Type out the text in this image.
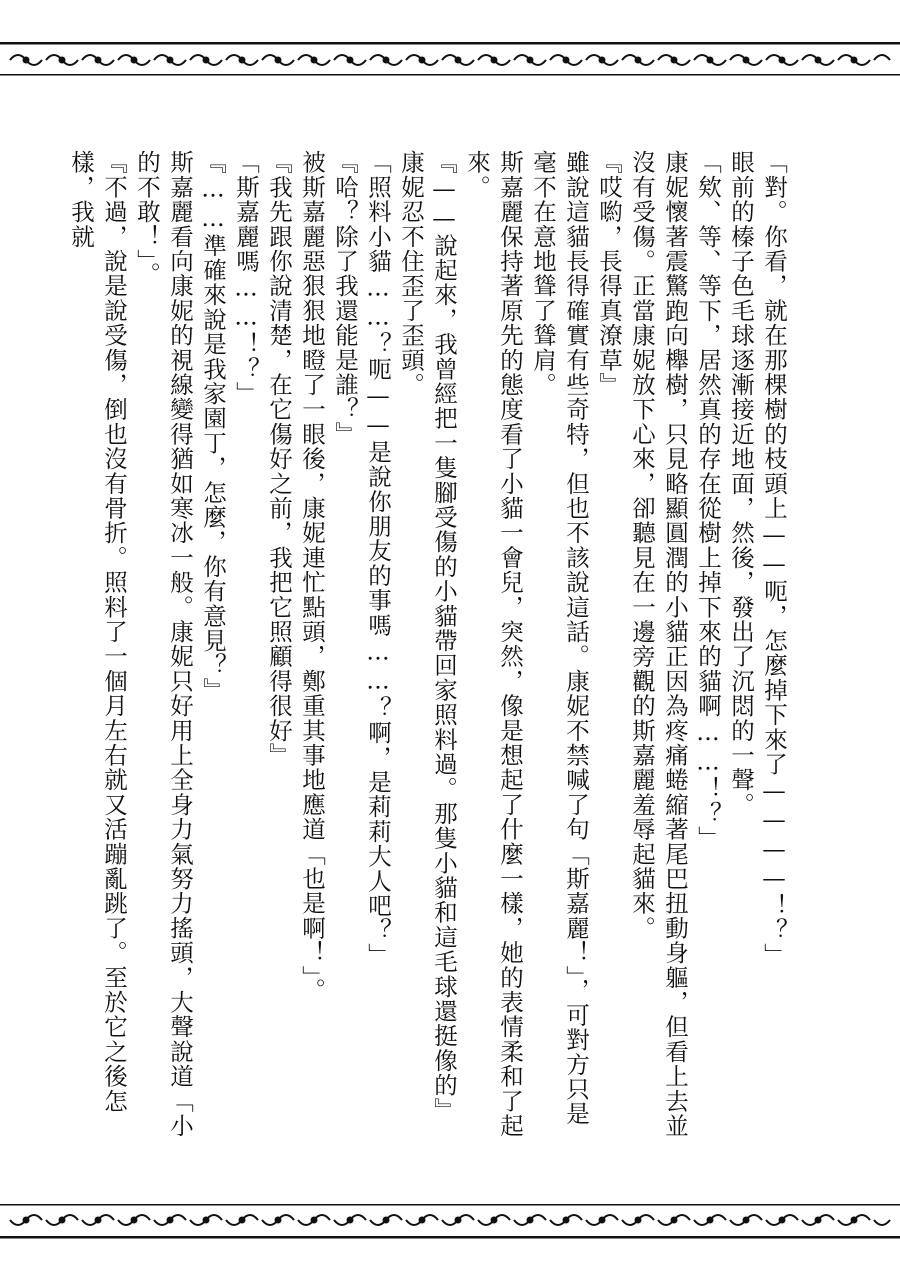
「對。你看，就在那棵樹的枝頭上——呃，怎麼掉下來了————！？」

眼前的榛子色毛球逐漸接近地面，然後，發出了沉悶的一聲。

「欸、等、等下，居然真的存在從樹上掉下來的貓啊……！？」

康妮懷著震驚跑向櫸樹，只見略顯圓潤的小貓正因為疼痛蜷縮著尾巴扭動身軀，但看上去並沒有受傷。正當康妮放下心來，卻聽見在一邊旁觀的斯嘉麗羞辱起貓來。

『哎喲，長得真潦草』

雖說這貓長得確實有些奇特，但也不該說這話。康妮不禁喊了句「斯嘉麗！」，可對方只是毫不在意地聳了聳肩。

斯嘉麗保持著原先的態度看了小貓一會兒，突然，像是想起了什麼一樣，她的表情柔和了起來。

『——說起來，我曾經把一隻腳受傷的小貓帶回家照料過。那隻小貓和這毛球還挺像的』

康妮忍不住歪了歪頭。

「照料小貓……？呃——是說你朋友的事嗎……？啊，是莉莉大人吧？」

『哈？除了我還能是誰？』

被斯嘉麗惡狠狠地瞪了一眼後，康妮連忙點頭，鄭重其事地應道「也是啊！」。

『我先跟你說清楚，在它傷好之前，我把它照顧得很好』

「斯嘉麗嗎……！？」

『……準確來說是我家園丁，怎麼，你有意見？』

斯嘉麗看向康妮的視線變得猶如寒冰一般。康妮只好用上全身力氣努力搖頭，大聲說道「小的不敢！」。

『不過，說是說受傷，倒也沒有骨折。照料了一個月左右就又活蹦亂跳了。至於它之後怎樣，我就
